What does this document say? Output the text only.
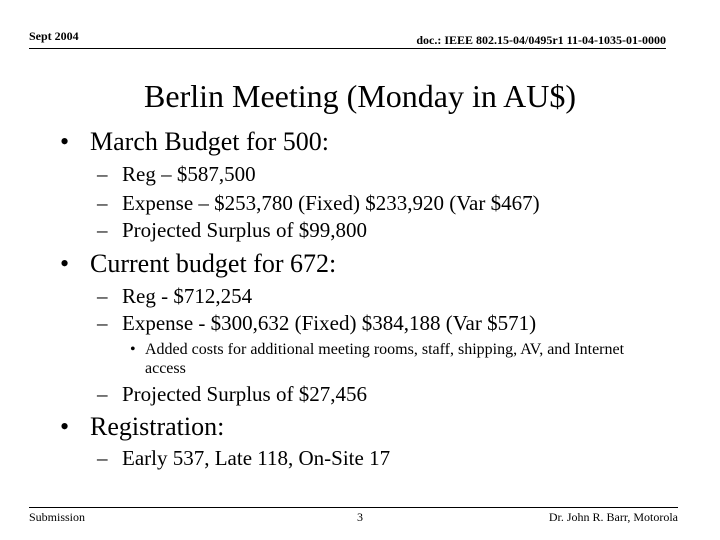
Sept 2004	doc.: IEEE 802.15-04/0495r1 11-04-1035-01-0000
Berlin Meeting (Monday in AU$)
• March Budget for 500:
– Reg – $587,500
– Expense – $253,780 (Fixed) $233,920 (Var $467)
– Projected Surplus of $99,800
• Current budget for 672:
– Reg - $712,254
– Expense - $300,632 (Fixed) $384,188 (Var $571)
• Added costs for additional meeting rooms, staff, shipping, AV, and Internet access
– Projected Surplus of $27,456
• Registration:
– Early 537, Late 118, On-Site 17
Submission	3	Dr. John R. Barr, Motorola
